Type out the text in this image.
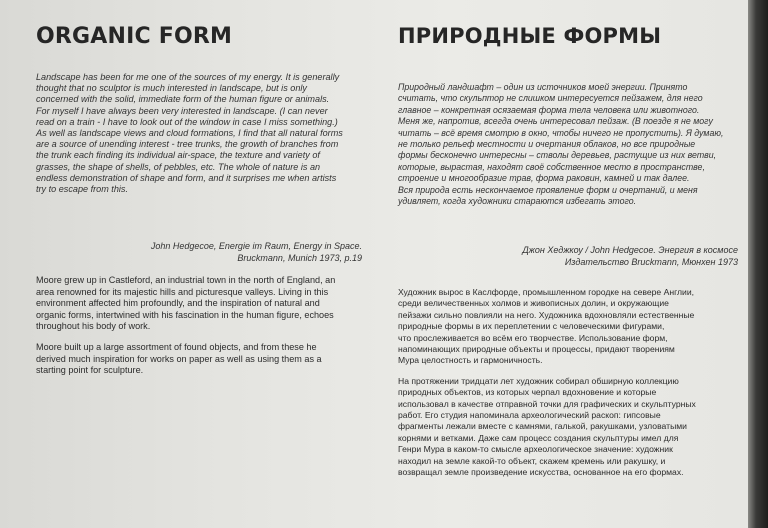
ORGANIC FORM	ПРИРОДНЫЕ ФОРМЫ

Landscape has been for me one of the sources of my energy. It is generally
thought that no sculptor is much interested in landscape, but is only
concerned with the solid, immediate form of the human figure or animals.
For myself I have always been very interested in landscape. (I can never
read on a train - I have to look out of the window in case I miss something.)
As well as landscape views and cloud formations, I find that all natural forms
are a source of unending interest - tree trunks, the growth of branches from
the trunk each finding its individual air-space, the texture and variety of
grasses, the shape of shells, of pebbles, etc. The whole of nature is an
endless demonstration of shape and form, and it surprises me when artists
try to escape from this.

Природный ландшафт – один из источников моей энергии. Принято
считать, что скульптор не слишком интересуется пейзажем, для него
главное – конкретная осязаемая форма тела человека или животного.
Меня же, напротив, всегда очень интересовал пейзаж. (В поезде я не могу
читать – всё время смотрю в окно, чтобы ничего не пропустить). Я думаю,
не только рельеф местности и очертания облаков, но все природные
формы бесконечно интересны – стволы деревьев, растущие из них ветви,
которые, вырастая, находят своё собственное место в пространстве,
строение и многообразие трав, форма раковин, камней и так далее.
Вся природа есть нескончаемое проявление форм и очертаний, и меня
удивляет, когда художники стараются избегать этого.

John Hedgecoe, Energie im Raum, Energy in Space.
Bruckmann, Munich 1973, p.19

Джон Хеджкоу / John Hedgecoe. Энергия в космосе
Издательство Bruckmann, Мюнхен 1973

Moore grew up in Castleford, an industrial town in the north of England, an
area renowned for its majestic hills and picturesque valleys. Living in this
environment affected him profoundly, and the inspiration of natural and
organic forms, intertwined with his fascination in the human figure, echoes
throughout his body of work.

Moore built up a large assortment of found objects, and from these he
derived much inspiration for works on paper as well as using them as a
starting point for sculpture.

Художник вырос в Каслфорде, промышленном городке на севере Англии,
среди величественных холмов и живописных долин, и окружающие
пейзажи сильно повлияли на него. Художника вдохновляли естественные
природные формы в их переплетении с человеческими фигурами,
что прослеживается во всём его творчестве. Использование форм,
напоминающих природные объекты и процессы, придают творениям
Мура целостность и гармоничность.

На протяжении тридцати лет художник собирал обширную коллекцию
природных объектов, из которых черпал вдохновение и которые
использовал в качестве отправной точки для графических и скульптурных
работ. Его студия напоминала археологический раскоп: гипсовые
фрагменты лежали вместе с камнями, галькой, ракушками, узловатыми
корнями и ветками. Даже сам процесс создания скульптуры имел для
Генри Мура в каком-то смысле археологическое значение: художник
находил на земле какой-то объект, скажем кремень или ракушку, и
возвращал земле произведение искусства, основанное на его формах.
